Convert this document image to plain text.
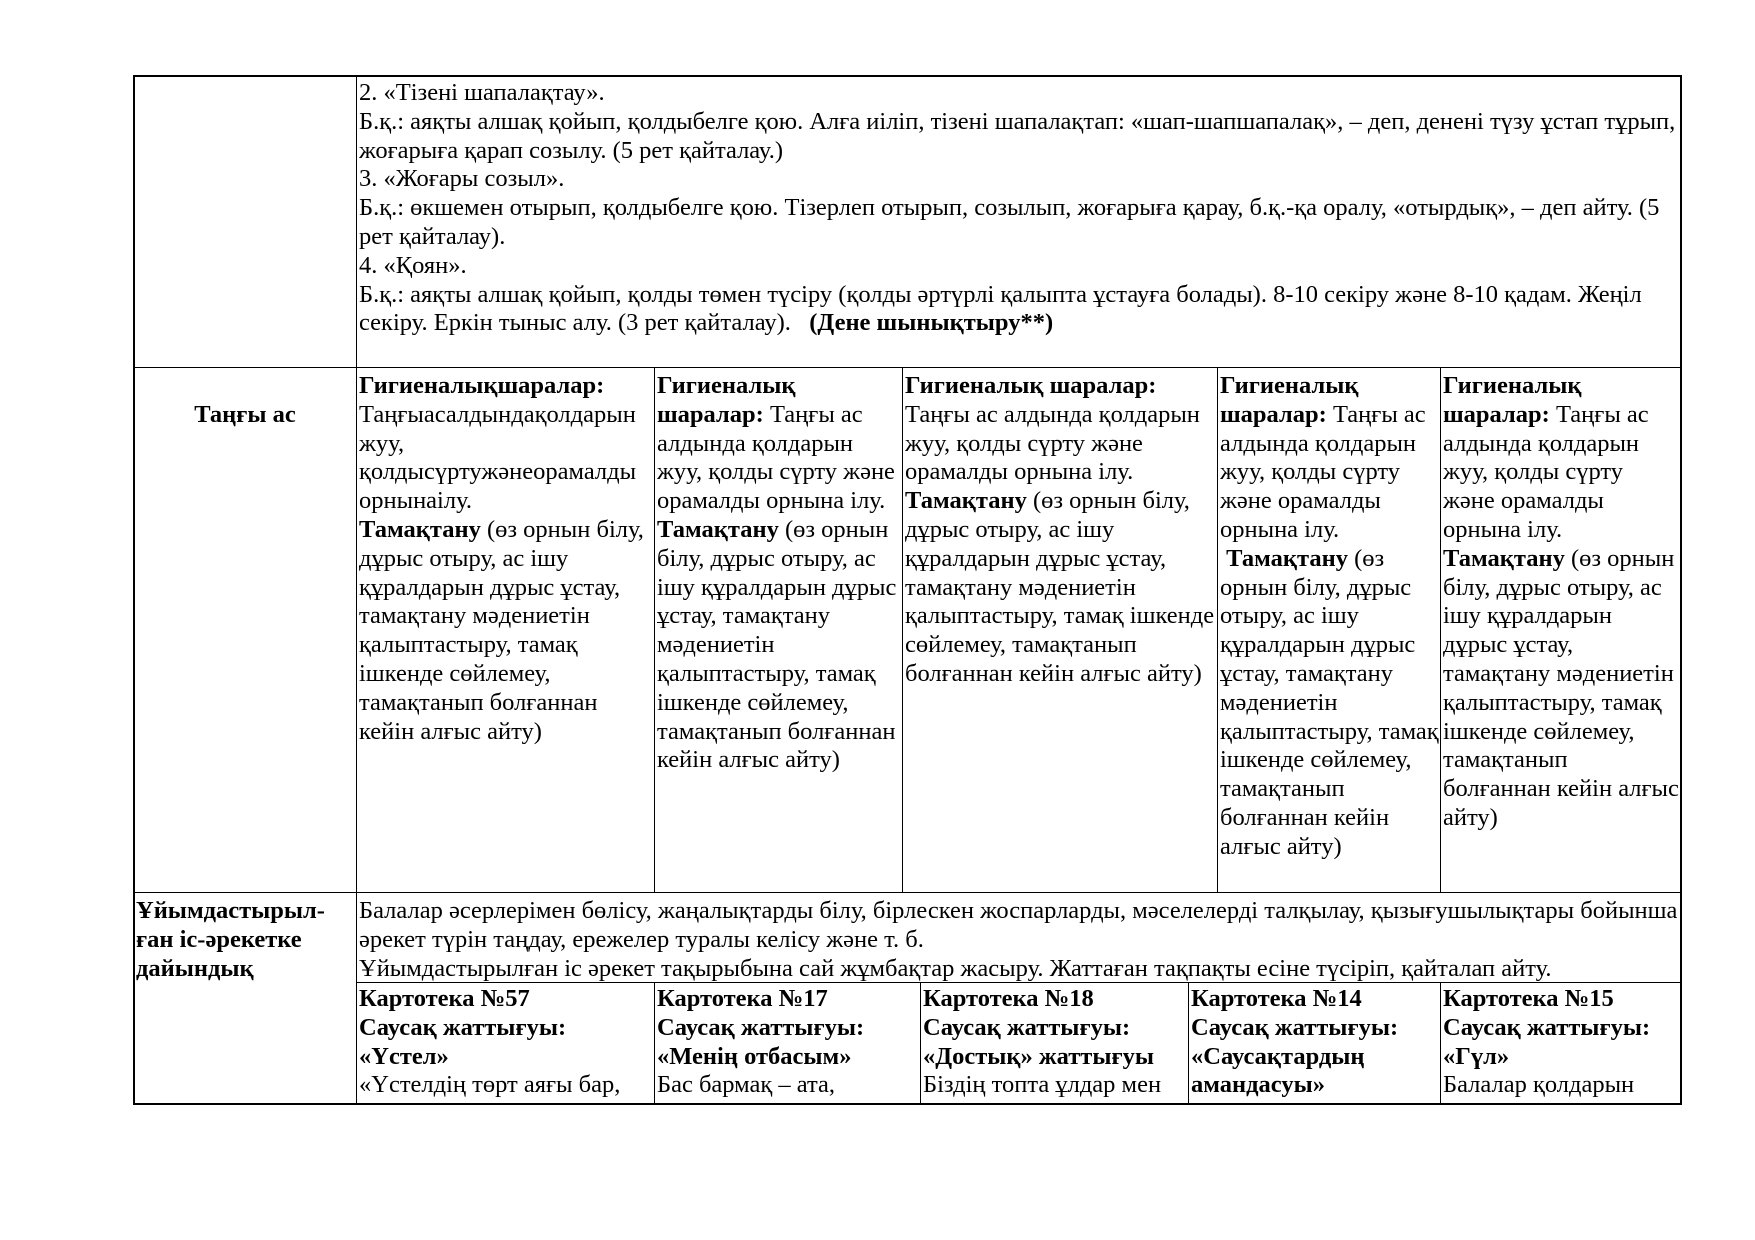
2. «Тізені шапалақтау».
Б.қ.: аяқты алшақ қойып, қолдыбелге қою. Алға иіліп, тізені шапалақтап: «шап-шапшапалақ», – деп, денені түзу ұстап тұрып,
жоғарыға қарап созылу. (5 рет қайталау.)
3. «Жоғары созыл».
Б.қ.: өкшемен отырып, қолдыбелге қою. Тізерлеп отырып, созылып, жоғарыға қарау, б.қ.-қа оралу, «отырдық», – деп айту. (5
рет қайталау).
4. «Қоян».
Б.қ.: аяқты алшақ қойып, қолды төмен түсіру (қолды әртүрлі қалыпта ұстауға болады). 8-10 секіру және 8-10 қадам. Жеңіл
секіру. Еркін тыныс алу. (3 рет қайталау). (Дене шынықтыру**)

Таңғы ас

Гигиеналықшаралар:
Таңғыасалдындақолдарын жуу, қолдысүртужәнеорамалды орнынаілу.
Тамақтану (өз орнын білу, дұрыс отыру, ас ішу құралдарын дұрыс ұстау, тамақтану мәдениетін қалыптастыру, тамақ ішкенде сөйлемеу, тамақтанып болғаннан кейін алғыс айту)
Гигиеналық шаралар: Таңғы ас алдында қолдарын жуу, қолды сүрту және орамалды орнына ілу.
Тамақтану (өз орнын білу, дұрыс отыру, ас ішу құралдарын дұрыс ұстау, тамақтану мәдениетін қалыптастыру, тамақ ішкенде сөйлемеу, тамақтанып болғаннан кейін алғыс айту)
Гигиеналық шаралар:
Таңғы ас алдында қолдарын жуу, қолды сүрту және орамалды орнына ілу.
Тамақтану (өз орнын білу, дұрыс отыру, ас ішу құралдарын дұрыс ұстау, тамақтану мәдениетін қалыптастыру, тамақ ішкенде сөйлемеу, тамақтанып болғаннан кейін алғыс айту)
Гигиеналық шаралар: Таңғы ас алдында қолдарын жуу, қолды сүрту және орамалды орнына ілу.
Тамақтану (өз орнын білу, дұрыс отыру, ас ішу құралдарын дұрыс ұстау, тамақтану мәдениетін қалыптастыру, тамақ ішкенде сөйлемеу, тамақтанып болғаннан кейін алғыс айту)
Гигиеналық шаралар: Таңғы ас алдында қолдарын жуу, қолды сүрту және орамалды орнына ілу.
Тамақтану (өз орнын білу, дұрыс отыру, ас ішу құралдарын дұрыс ұстау, тамақтану мәдениетін қалыптастыру, тамақ ішкенде сөйлемеу, тамақтанып болғаннан кейін алғыс айту)
Ұйымдастырыл-ған іс-әрекетке дайындық
Балалар әсерлерімен бөлісу, жаңалықтарды білу, бірлескен жоспарларды, мәселелерді талқылау, қызығушылықтары бойынша әрекет түрін таңдау, ережелер туралы келісу және т. б.
Ұйымдастырылған іс әрекет тақырыбына сай жұмбақтар жасыру. Жаттаған тақпақты есіне түсіріп, қайталап айту.
Картотека №57
Саусақ жаттығуы:
«Үстел»
«Үстелдің төрт аяғы бар,
Картотека №17
Саусақ жаттығуы:
«Менің отбасым»
Бас бармақ – ата,
Картотека №18
Саусақ жаттығуы:
«Достық» жаттығуы
Біздің топта ұлдар мен
Картотека №14
Саусақ жаттығуы:
«Саусақтардың амандасуы»
Картотека №15
Саусақ жаттығуы:
«Гүл»
Балалар қолдарын
